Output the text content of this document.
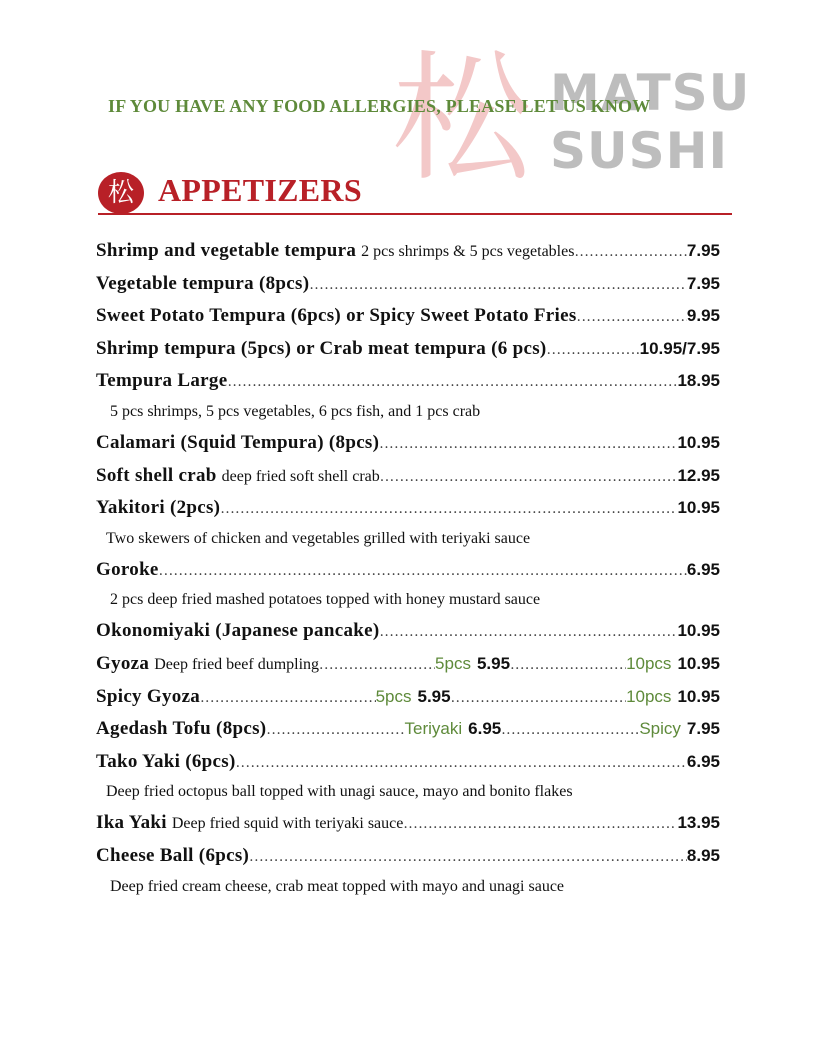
松 MATSU
SUSHI
IF YOU HAVE ANY FOOD ALLERGIES, PLEASE LET US KNOW
松 APPETIZERS
Shrimp and vegetable tempura 2 pcs shrimps & 5 pcs vegetables .....	7.95
Vegetable tempura (8pcs) .....	7.95
Sweet Potato Tempura (6pcs) or Spicy Sweet Potato Fries .....	9.95
Shrimp tempura (5pcs) or Crab meat tempura (6 pcs) .....	10.95/7.95
Tempura Large .....	18.95
5 pcs shrimps, 5 pcs vegetables, 6 pcs fish, and 1 pcs crab
Calamari (Squid Tempura) (8pcs) .....	10.95
Soft shell crab deep fried soft shell crab .....	12.95
Yakitori (2pcs) .....	10.95
Two skewers of chicken and vegetables grilled with teriyaki sauce
Goroke .....	6.95
2 pcs deep fried mashed potatoes topped with honey mustard sauce
Okonomiyaki (Japanese pancake) .....	10.95
Gyoza Deep fried beef dumpling .....	5pcs 5.95 .....	10pcs 10.95
Spicy Gyoza .....	5pcs 5.95 .....	10pcs 10.95
Agedash Tofu (8pcs) .....	Teriyaki 6.95 .....	Spicy 7.95
Tako Yaki (6pcs) .....	6.95
Deep fried octopus ball topped with unagi sauce, mayo and bonito flakes
Ika Yaki Deep fried squid with teriyaki sauce .....	13.95
Cheese Ball (6pcs) .....	8.95
Deep fried cream cheese, crab meat topped with mayo and unagi sauce
